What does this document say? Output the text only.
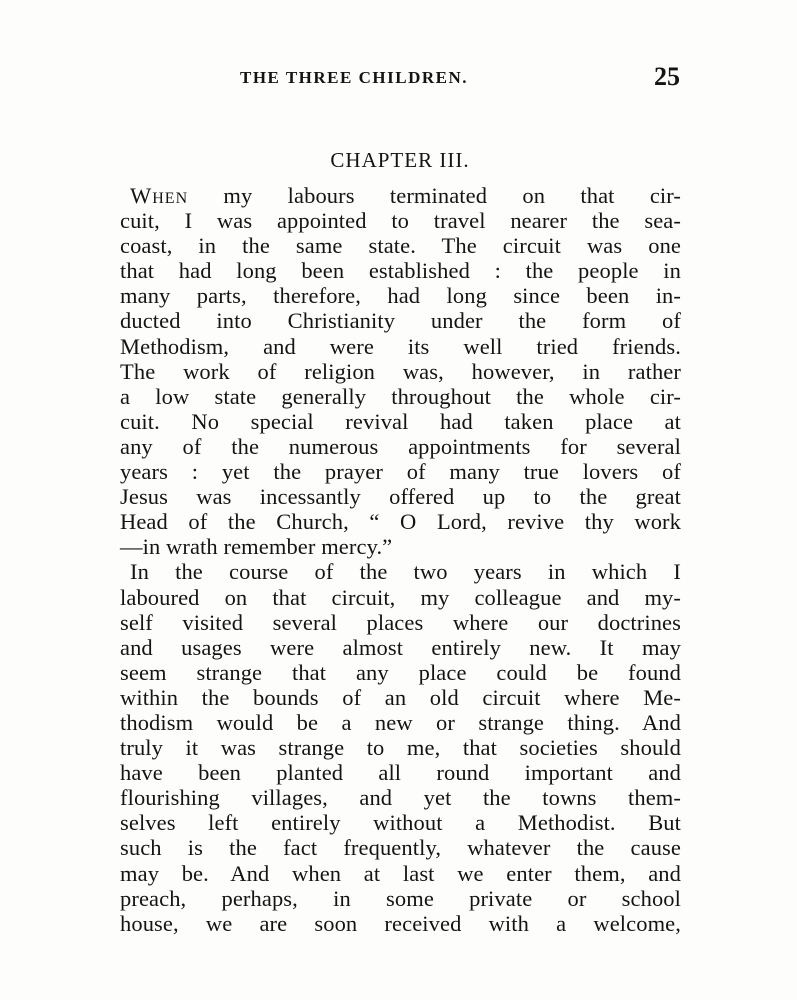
THE THREE CHILDREN.	25
CHAPTER III.
When my labours terminated on that cir-
cuit, I was appointed to travel nearer the sea-
coast, in the same state. The circuit was one
that had long been established : the people in
many parts, therefore, had long since been in-
ducted into Christianity under the form of
Methodism, and were its well tried friends.
The work of religion was, however, in rather
a low state generally throughout the whole cir-
cuit. No special revival had taken place at
any of the numerous appointments for several
years : yet the prayer of many true lovers of
Jesus was incessantly offered up to the great
Head of the Church, “ O Lord, revive thy work
—in wrath remember mercy.”
In the course of the two years in which I
laboured on that circuit, my colleague and my-
self visited several places where our doctrines
and usages were almost entirely new. It may
seem strange that any place could be found
within the bounds of an old circuit where Me-
thodism would be a new or strange thing. And
truly it was strange to me, that societies should
have been planted all round important and
flourishing villages, and yet the towns them-
selves left entirely without a Methodist. But
such is the fact frequently, whatever the cause
may be. And when at last we enter them, and
preach, perhaps, in some private or school
house, we are soon received with a welcome,
